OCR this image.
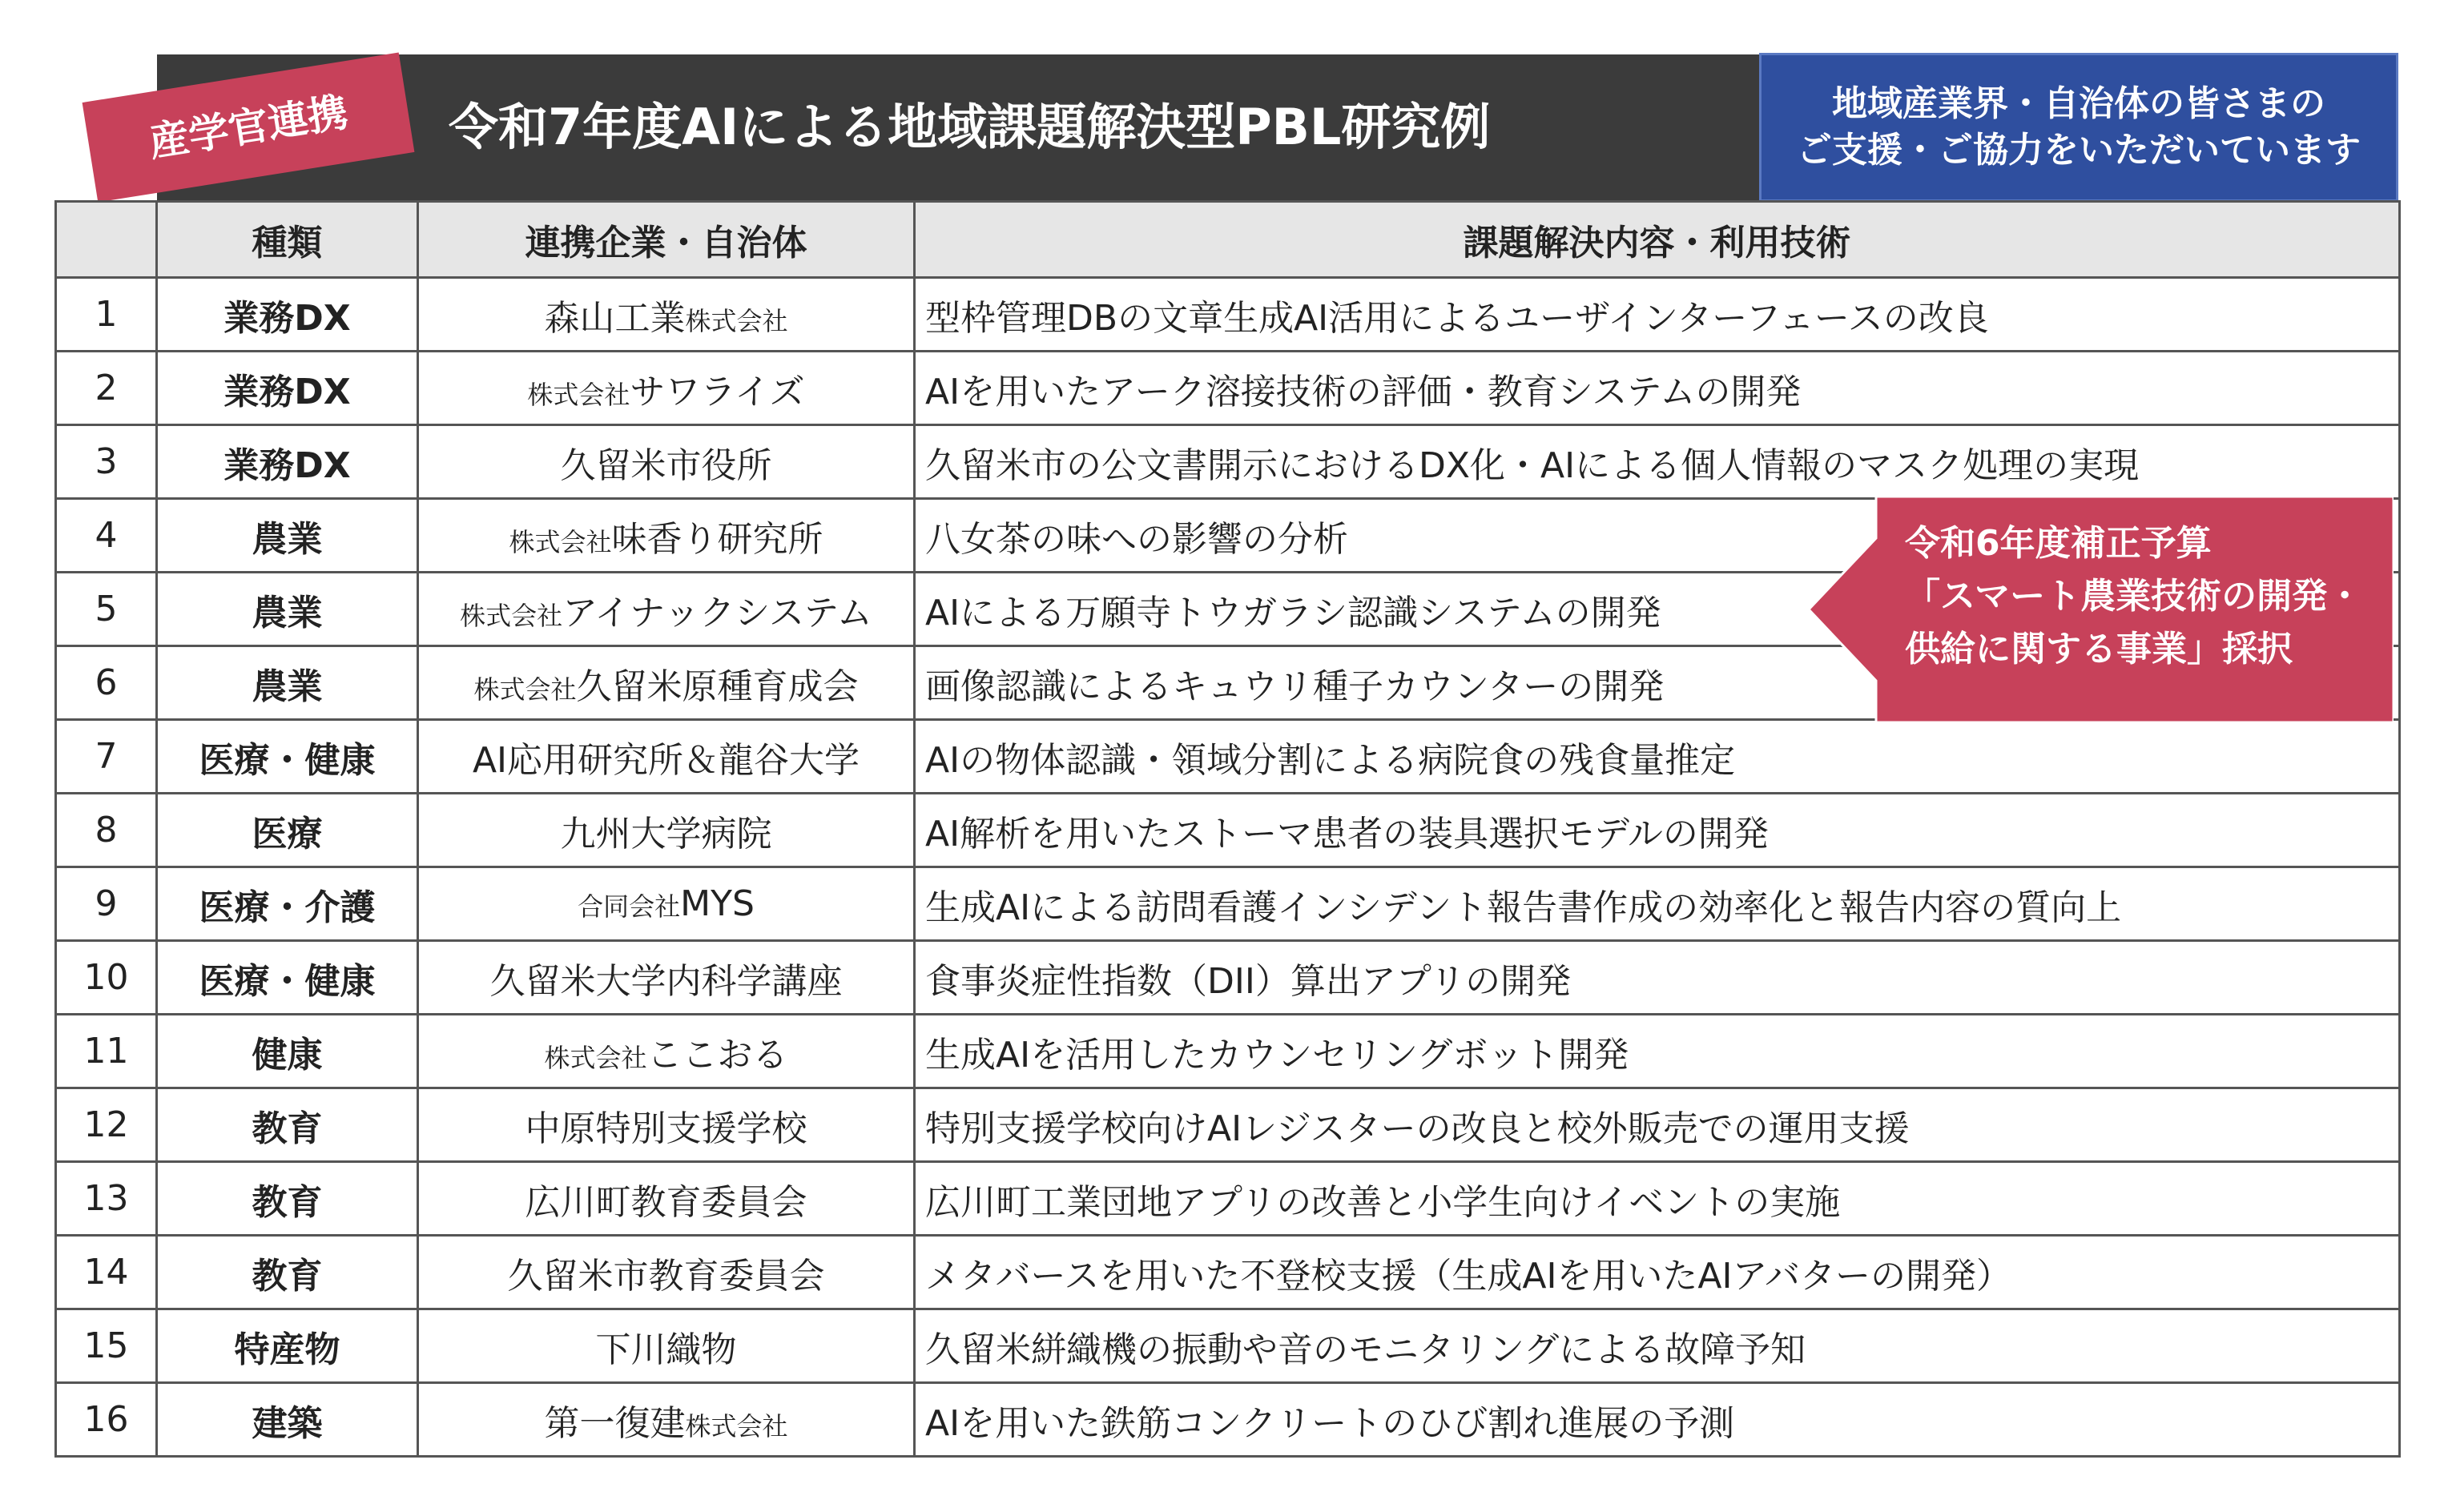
令和7年度AIによる地域課題解決型PBL研究例
産学官連携	地域産業界・自治体の皆さまの
ご支援・ご協力をいただいています
	種類	連携企業・自治体	課題解決内容・利用技術
1	業務DX	森山工業株式会社	型枠管理DBの文章生成AI活用によるユーザインターフェースの改良
2	業務DX	株式会社サワライズ	AIを用いたアーク溶接技術の評価・教育システムの開発
3	業務DX	久留米市役所	久留米市の公文書開示におけるDX化・AIによる個人情報のマスク処理の実現
4	農業	株式会社味香り研究所	八女茶の味への影響の分析
5	農業	株式会社アイナックシステム	AIによる万願寺トウガラシ認識システムの開発
6	農業	株式会社久留米原種育成会	画像認識によるキュウリ種子カウンターの開発
7	医療・健康	AI応用研究所＆龍谷大学	AIの物体認識・領域分割による病院食の残食量推定
8	医療	九州大学病院	AI解析を用いたストーマ患者の装具選択モデルの開発
9	医療・介護	合同会社MYS	生成AIによる訪問看護インシデント報告書作成の効率化と報告内容の質向上
10	医療・健康	久留米大学内科学講座	食事炎症性指数（DII）算出アプリの開発
11	健康	株式会社ここおる	生成AIを活用したカウンセリングボット開発
12	教育	中原特別支援学校	特別支援学校向けAIレジスターの改良と校外販売での運用支援
13	教育	広川町教育委員会	広川町工業団地アプリの改善と小学生向けイベントの実施
14	教育	久留米市教育委員会	メタバースを用いた不登校支援（生成AIを用いたAIアバターの開発）
15	特産物	下川織物	久留米絣織機の振動や音のモニタリングによる故障予知
16	建築	第一復建株式会社	AIを用いた鉄筋コンクリートのひび割れ進展の予測
令和6年度補正予算
「スマート農業技術の開発・
供給に関する事業」採択
